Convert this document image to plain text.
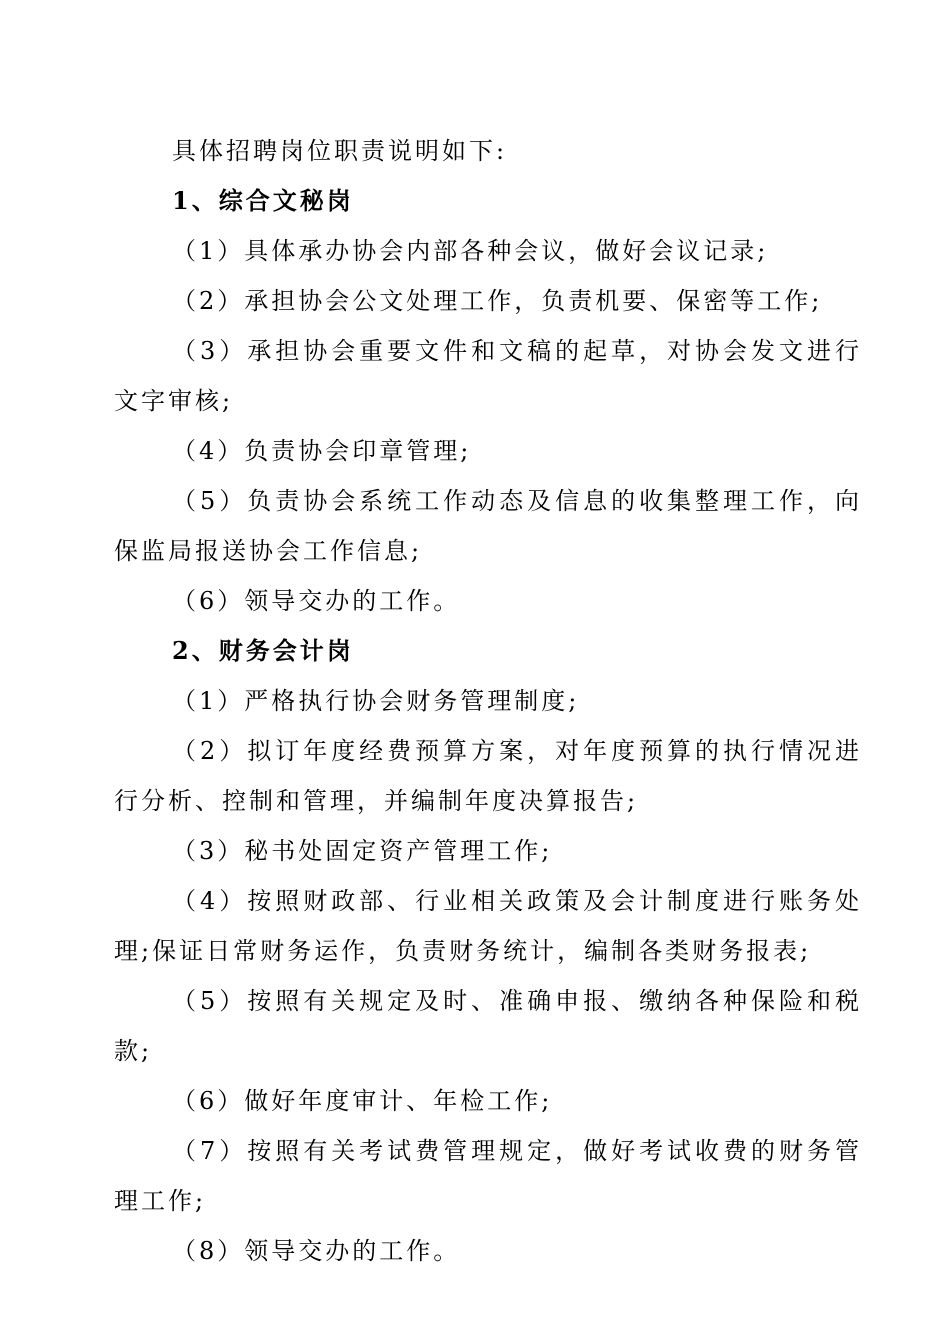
具体招聘岗位职责说明如下:

1、综合文秘岗

（1）具体承办协会内部各种会议，做好会议记录;

（2）承担协会公文处理工作，负责机要、保密等工作;

（3）承担协会重要文件和文稿的起草，对协会发文进行文字审核;

（4）负责协会印章管理;

（5）负责协会系统工作动态及信息的收集整理工作，向保监局报送协会工作信息;

（6）领导交办的工作。

2、财务会计岗

（1）严格执行协会财务管理制度;

（2）拟订年度经费预算方案，对年度预算的执行情况进行分析、控制和管理，并编制年度决算报告;

（3）秘书处固定资产管理工作;

（4）按照财政部、行业相关政策及会计制度进行账务处理;保证日常财务运作，负责财务统计，编制各类财务报表;

（5）按照有关规定及时、准确申报、缴纳各种保险和税款;

（6）做好年度审计、年检工作;

（7）按照有关考试费管理规定，做好考试收费的财务管理工作;

（8）领导交办的工作。
